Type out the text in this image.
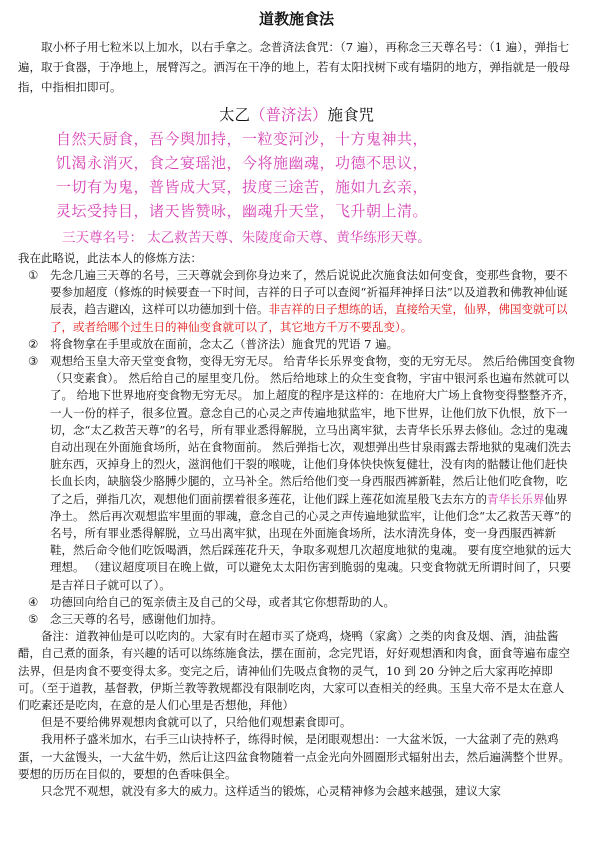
道教施食法

取小杯子用七粒米以上加水，以右手拿之。念普済法食咒：（7 遍），再称念三天尊名号：（1 遍），弹指七遍，取于食器，于净地上，展臂泻之。洒泻在干净的地上，若有太阳找树下或有墙阴的地方，弹指就是一般母指，中指相扣即可。

太乙（普济法）施食咒
自然天厨食，吾今舆加持，一粒变河沙，十方鬼神共，
饥渴永消灭，食之宴瑶池，今将施幽魂，功德不思议，
一切有为鬼，普皆成大冥，拔度三途苦，施如九玄亲，
灵坛受持目，诸天皆赞咏，幽魂升天堂，飞升朝上清。
三天尊名号： 太乙救苦天尊、朱陵度命天尊、黄华练形天尊。

我在此略说，此法本人的修炼方法：

① 先念几遍三天尊的名号，三天尊就会到你身边来了，然后说说此次施食法如何变食，变那些食物，要不要参加超度（修炼的时候要查一下时间，吉祥的日子可以查阅“祈福拜神择日法”以及道教和佛教神仙诞辰表，趋吉避凶，这样可以功德加到十倍。非吉祥的日子想练的话，直接给天堂，仙界，佛国变就可以了，或者给哪个过生日的神仙变食就可以了，其它地方千万不要乱变）。
② 将食物拿在手里或放在面前，念太乙（普济法）施食咒的咒语 7 遍。
③ 观想给玉皇大帝天堂变食物，变得无穷无尽。 给青华长乐界变食物，变的无穷无尽。 然后给佛国变食物（只变素食）。 然后给自己的屋里变几份。 然后给地球上的众生变食物，宇宙中银河系也遍布然就可以了。 给地下世界地府变食物无穷无尽。 加上超度的程序是这样的：在地府大广场上食物变得整整齐齐，一人一份的样子，很多位置。意念自己的心灵之声传遍地狱监牢，地下世界，让他们放下仇恨，放下一切，念“太乙救苦天尊”的名号，所有罪业悉得解脱，立马出离牢狱，去青华长乐界去修仙。念过的鬼魂自动出现在外面施食场所，站在食物面前。 然后弹指七次，观想弹出些甘泉雨露去帮地狱的鬼魂们洗去脏东西，灭掉身上的烈火，滋润他们干裂的喉咙，让他们身体快快恢复健壮，没有肉的骷髅让他们赶快长血长肉，缺脑袋少胳膊少腿的，立马补全。然后给他们变一身西服西裤新鞋，然后让他们吃食物，吃了之后，弹指几次，观想他们面前摆着很多莲花，让他们踩上莲花如流星般飞去东方的青华长乐界仙界净土。 然后再次观想监牢里面的罪魂，意念自己的心灵之声传遍地狱监牢，让他们念“太乙救苦天尊”的名号，所有罪业悉得解脱，立马出离牢狱，出现在外面施食场所，法水清洗身体，变一身西服西裤新鞋，然后命令他们吃饭喝酒，然后踩莲花升天，争取多观想几次超度地狱的鬼魂。 要有度空地狱的远大理想。 （建议超度项目在晚上做，可以避免太太阳伤害到脆弱的鬼魂。只变食物就无所谓时间了，只要是吉祥日子就可以了）。
④ 功德回向给自己的冤亲债主及自己的父母，或者其它你想帮助的人。
⑤ 念三天尊的名号，感谢他们加持。

备注：道教神仙是可以吃肉的。大家有时在超市买了烧鸡，烧鸭（家禽）之类的肉食及烟、酒，油盐酱醋，自己煮的面条，有兴趣的话可以练练施食法，摆在面前，念完咒语，好好观想酒和肉食，面食等遍布虚空法界，但是肉食不要变得太多。变完之后，请神仙们先吸点食物的灵气，10 到 20 分钟之后大家再吃掉即可。（至于道教，基督教，伊斯兰教等教规都没有限制吃肉，大家可以查相关的经典。玉皇大帝不是太在意人们吃素还是吃肉，在意的是人们心里是否想他，拜他）

但是不要给佛界观想肉食就可以了，只给他们观想素食即可。

我用杯子盛米加水，右手三山诀持杯子，练得时候，是闭眼观想出：一大盆米饭，一大盆剥了壳的熟鸡蛋，一大盆馒头，一大盆牛奶，然后让这四盆食物随着一点金光向外圆圈形式辐射出去，然后遍满整个世界。 要想的历历在目似的，要想的色香味俱全。

只念咒不观想，就没有多大的威力。这样适当的锻炼，心灵精神修为会越来越强，建议大家
